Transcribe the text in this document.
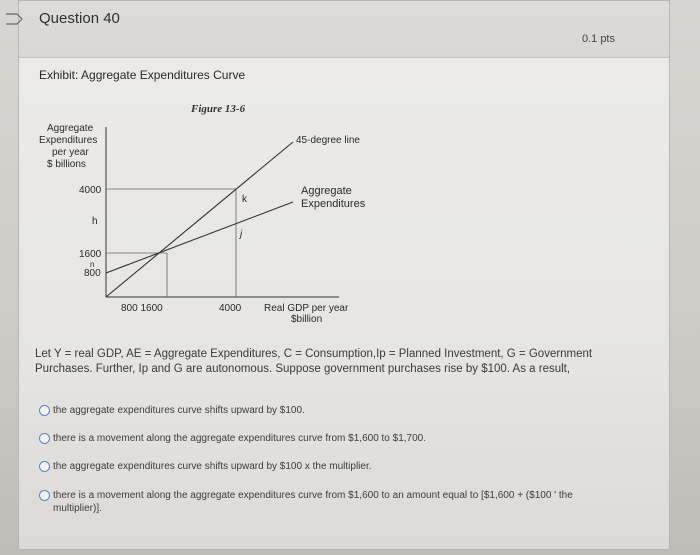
Question 40
0.1 pts
Exhibit: Aggregate Expenditures Curve
Figure 13-6
Aggregate
Expenditures
per year
$ billions
4000
h
1600
n
800
800 1600	4000 Real GDP per year
$billion
k
j
45-degree line
Aggregate
Expenditures
Let Y = real GDP, AE = Aggregate Expenditures, C = Consumption,Ip = Planned Investment, G = Government
Purchases. Further, Ip and G are autonomous. Suppose government purchases rise by $100. As a result,
the aggregate expenditures curve shifts upward by $100.
there is a movement along the aggregate expenditures curve from $1,600 to $1,700.
the aggregate expenditures curve shifts upward by $100 x the multiplier.
there is a movement along the aggregate expenditures curve from $1,600 to an amount equal to [$1,600 + ($100 ' the
multiplier)].
